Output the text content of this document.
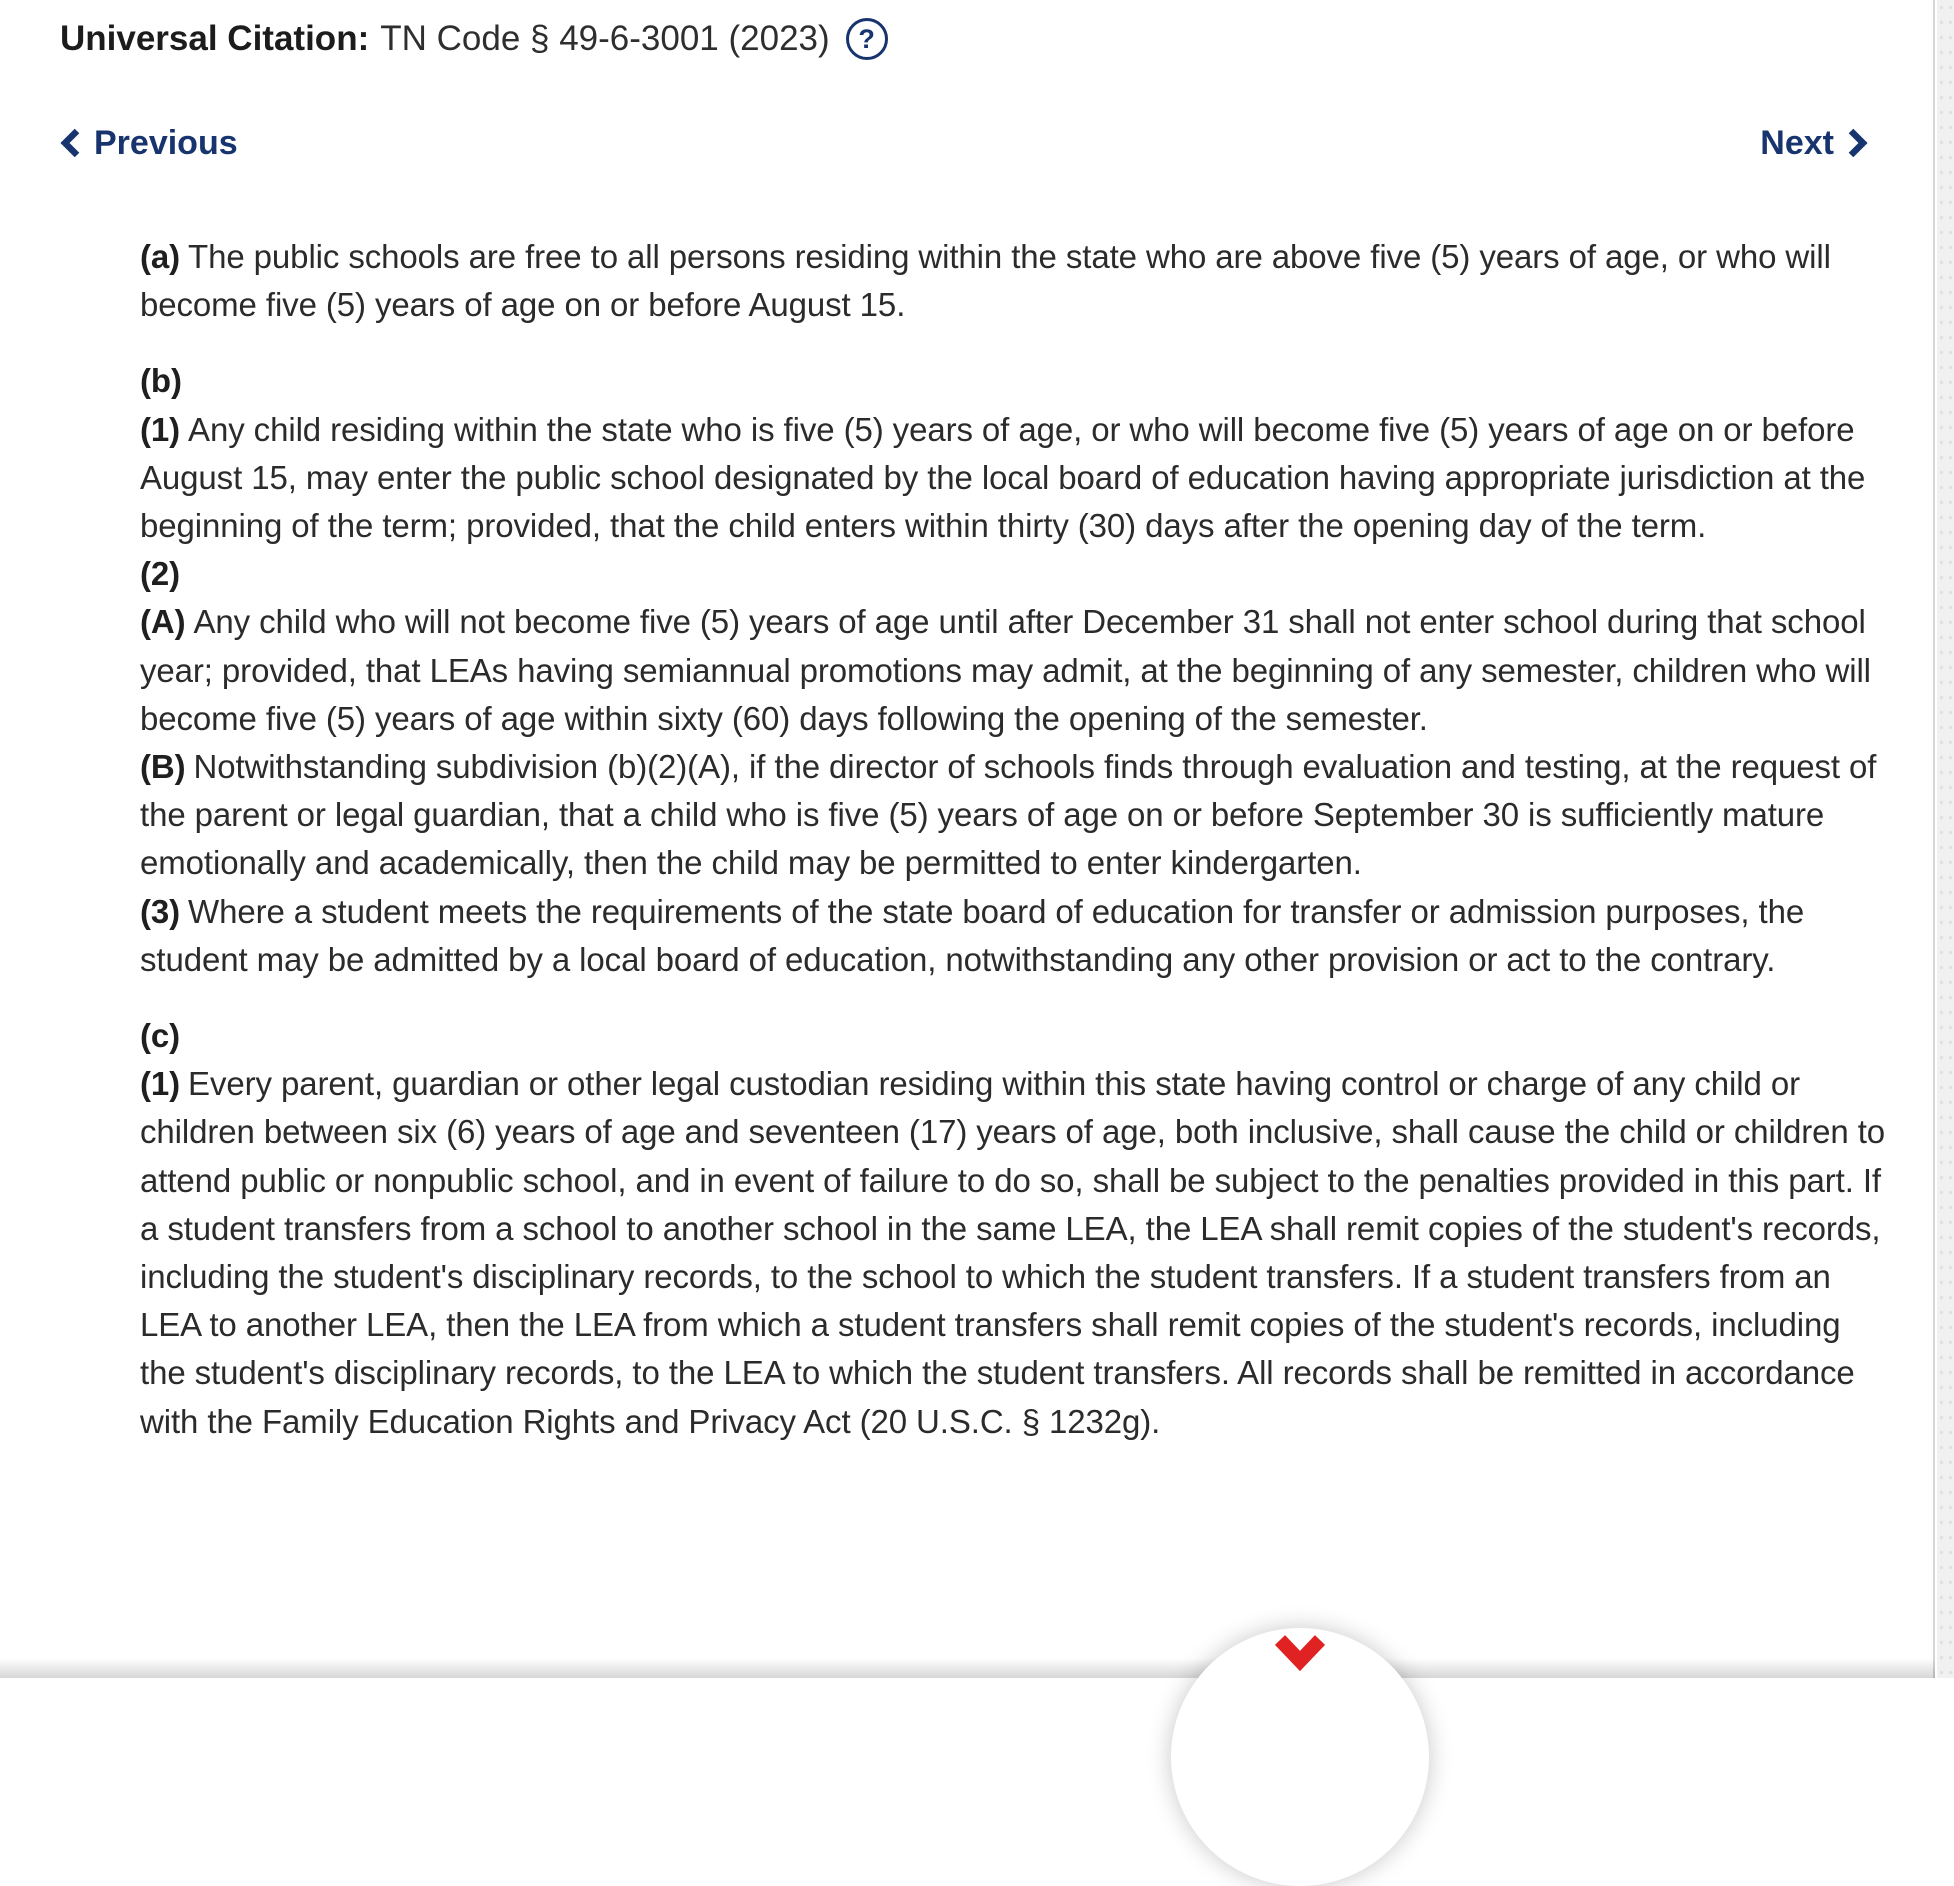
Universal Citation: TN Code § 49-6-3001 (2023) ?
Previous	Next

(a) The public schools are free to all persons residing within the state who are above five (5) years of age, or who will become five (5) years of age on or before August 15.

(b)

(1) Any child residing within the state who is five (5) years of age, or who will become five (5) years of age on or before August 15, may enter the public school designated by the local board of education having appropriate jurisdiction at the beginning of the term; provided, that the child enters within thirty (30) days after the opening day of the term.

(2)

(A) Any child who will not become five (5) years of age until after December 31 shall not enter school during that school year; provided, that LEAs having semiannual promotions may admit, at the beginning of any semester, children who will become five (5) years of age within sixty (60) days following the opening of the semester.

(B) Notwithstanding subdivision (b)(2)(A), if the director of schools finds through evaluation and testing, at the request of the parent or legal guardian, that a child who is five (5) years of age on or before September 30 is sufficiently mature emotionally and academically, then the child may be permitted to enter kindergarten.

(3) Where a student meets the requirements of the state board of education for transfer or admission purposes, the student may be admitted by a local board of education, notwithstanding any other provision or act to the contrary.

(c)

(1) Every parent, guardian or other legal custodian residing within this state having control or charge of any child or children between six (6) years of age and seventeen (17) years of age, both inclusive, shall cause the child or children to attend public or nonpublic school, and in event of failure to do so, shall be subject to the penalties provided in this part. If a student transfers from a school to another school in the same LEA, the LEA shall remit copies of the student's records, including the student's disciplinary records, to the school to which the student transfers. If a student transfers from an LEA to another LEA, then the LEA from which a student transfers shall remit copies of the student's records, including the student's disciplinary records, to the LEA to which the student transfers. All records shall be remitted in accordance with the Family Education Rights and Privacy Act (20 U.S.C. § 1232g).
